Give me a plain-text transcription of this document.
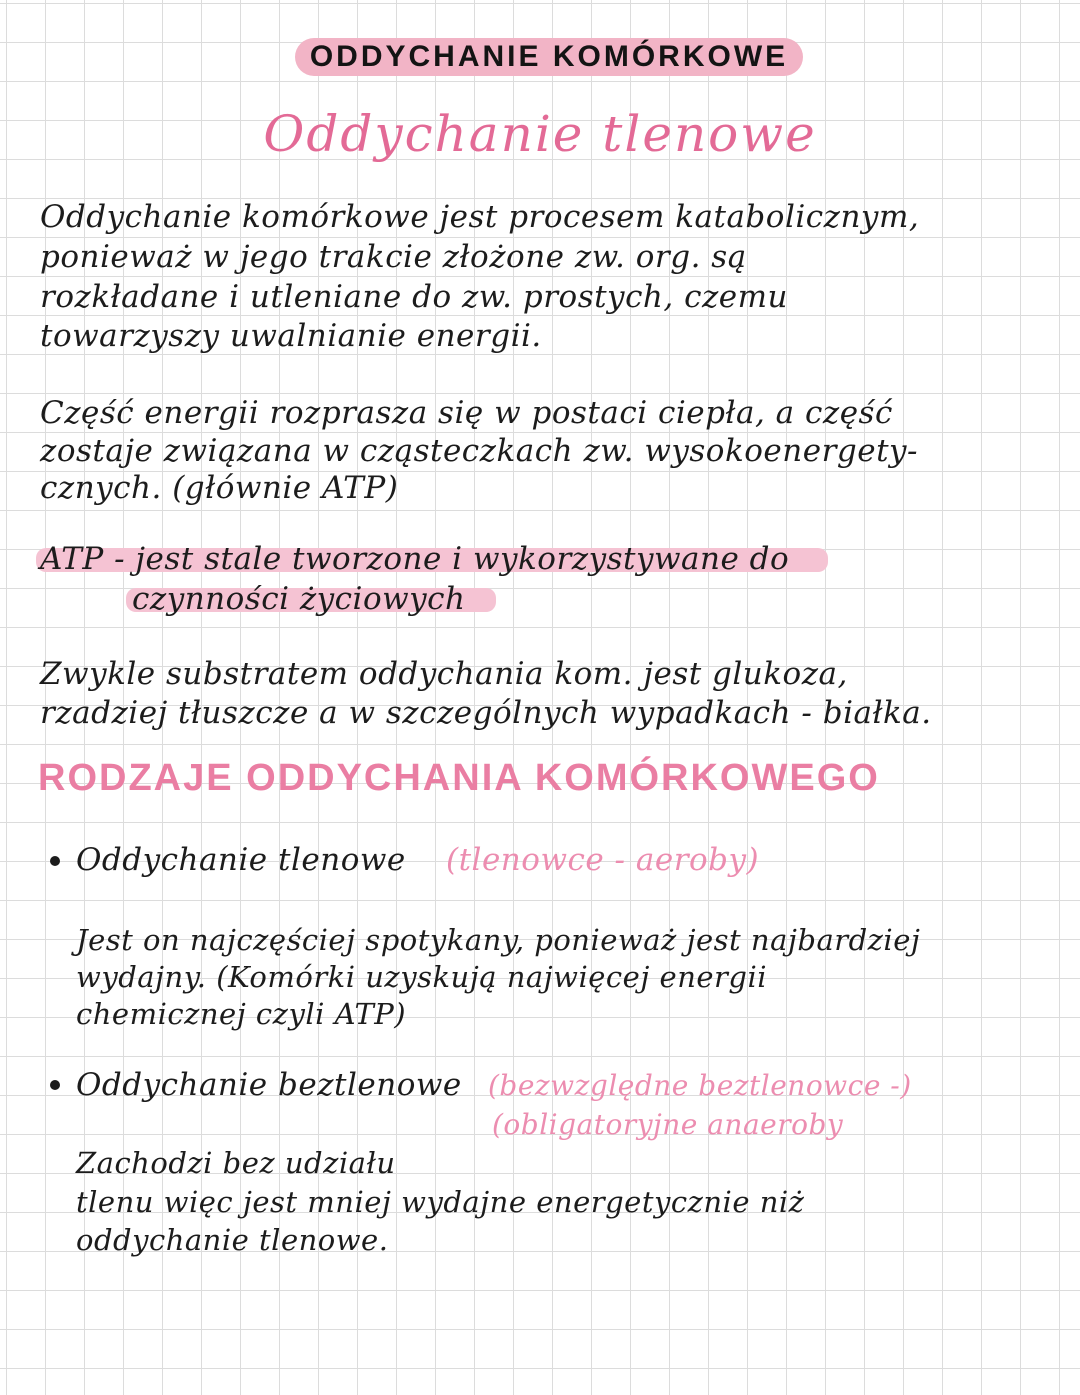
ODDYCHANIE KOMÓRKOWE
Oddychanie tlenowe
Oddychanie komórkowe jest procesem katabolicznym,
ponieważ w jego trakcie złożone zw. org. są
rozkładane i utleniane do zw. prostych, czemu
towarzyszy uwalnianie energii.
Część energii rozprasza się w postaci ciepła, a część
zostaje związana w cząsteczkach zw. wysokoenergety-
cznych. (głównie ATP)
ATP - jest stale tworzone i wykorzystywane do
czynności życiowych
Zwykle substratem oddychania kom. jest glukoza,
rzadziej tłuszcze a w szczególnych wypadkach - białka.
RODZAJE ODDYCHANIA KOMÓRKOWEGO
Oddychanie tlenowe (tlenowce - aeroby)
Jest on najczęściej spotykany, ponieważ jest najbardziej
wydajny. (Komórki uzyskują najwięcej energii
chemicznej czyli ATP)
Oddychanie beztlenowe (bezwzględne beztlenowce -)
(obligatoryjne anaeroby
Zachodzi bez udziału
tlenu więc jest mniej wydajne energetycznie niż
oddychanie tlenowe.
